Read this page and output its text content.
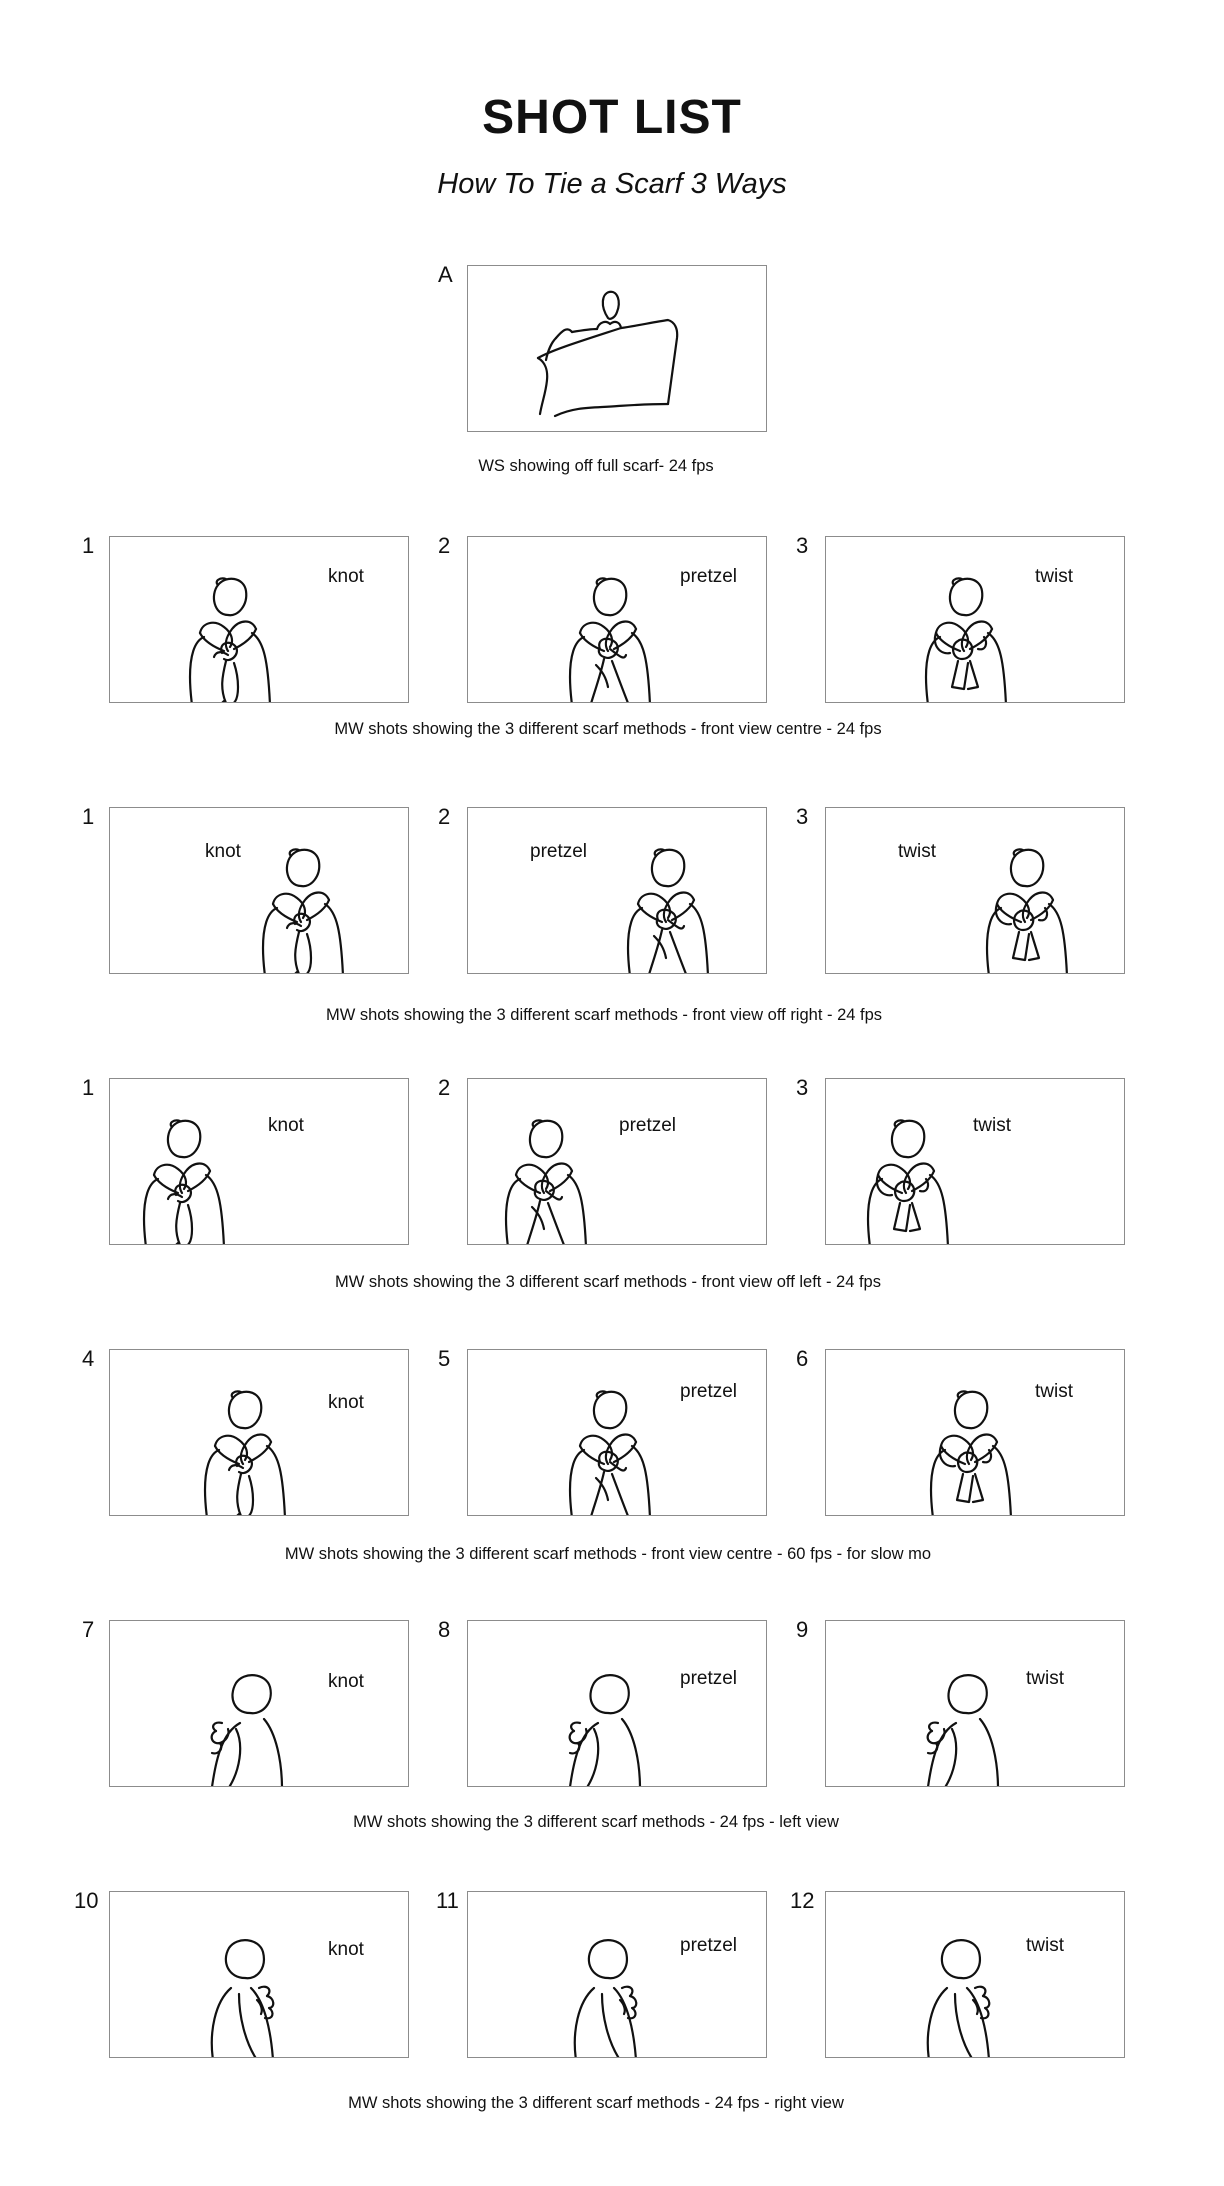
SHOT LIST
How To Tie a Scarf 3 Ways
A
WS showing off full scarf- 24 fps
1
knot
2
pretzel
3
twist
MW shots showing the 3 different scarf methods - front view centre - 24 fps
1
knot
2
pretzel
3
twist
MW shots showing the 3 different scarf methods - front view off right - 24 fps
1
knot
2
pretzel
3
twist
MW shots showing the 3 different scarf methods - front view off left - 24 fps
4
knot
5
pretzel
6
twist
MW shots showing the 3 different scarf methods - front view centre - 60 fps - for slow mo
7
knot
8
pretzel
9
twist
MW shots showing the 3 different scarf methods - 24 fps - left view
10
knot
11
pretzel
12
twist
MW shots showing the 3 different scarf methods - 24 fps - right view
